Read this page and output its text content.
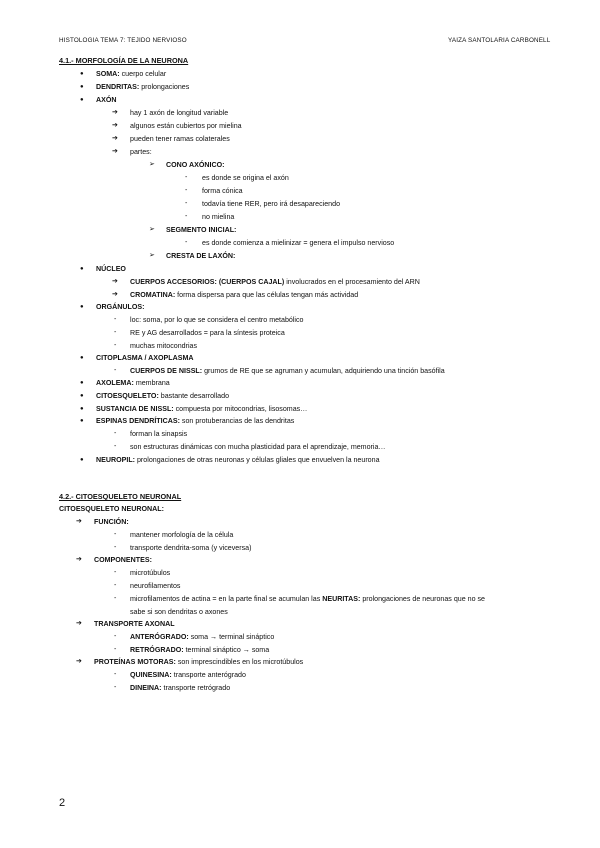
HISTOLOGIA TEMA 7: TEJIDO NERVIOSO	YAIZA SANTOLARIA CARBONELL
4.1.- MORFOLOGÍA DE LA NEURONA
● SOMA: cuerpo celular
● DENDRITAS: prolongaciones
● AXÓN
➔ hay 1 axón de longitud variable
➔ algunos están cubiertos por mielina
➔ pueden tener ramas colaterales
➔ partes:
➢ CONO AXÓNICO:
- es donde se origina el axón
- forma cónica
- todavía tiene RER, pero irá desapareciendo
- no mielina
➢ SEGMENTO INICIAL:
- es donde comienza a mielinizar = genera el impulso nervioso
➢ CRESTA DE LAXÓN:
● NÚCLEO
➔ CUERPOS ACCESORIOS: (CUERPOS CAJAL) involucrados en el procesamiento del ARN
➔ CROMATINA: forma dispersa para que las células tengan más actividad
● ORGÁNULOS:
- loc: soma, por lo que se considera el centro metabólico
- RE y AG desarrollados = para la síntesis proteica
- muchas mitocondrias
● CITOPLASMA / AXOPLASMA
- CUERPOS DE NISSL: grumos de RE que se agruman y acumulan, adquiriendo una tinción basófila
● AXOLEMA: membrana
● CITOESQUELETO: bastante desarrollado
● SUSTANCIA DE NISSL: compuesta por mitocondrias, lisosomas…
● ESPINAS DENDRÍTICAS: son protuberancias de las dendritas
- forman la sinapsis
- son estructuras dinámicas con mucha plasticidad para el aprendizaje, memoria…
● NEUROPIL: prolongaciones de otras neuronas y células gliales que envuelven la neurona
4.2.- CITOESQUELETO NEURONAL
CITOESQUELETO NEURONAL:
➔ FUNCIÓN:
- mantener morfología de la célula
- transporte dendrita-soma (y viceversa)
➔ COMPONENTES:
- microtúbulos
- neurofilamentos
- microfilamentos de actina = en la parte final se acumulan las NEURITAS: prolongaciones de neuronas que no se
sabe si son dendritas o axones
➔ TRANSPORTE AXONAL
- ANTERÓGRADO: soma → terminal sináptico
- RETRÓGRADO: terminal sináptico → soma
➔ PROTEÍNAS MOTORAS: son imprescindibles en los microtúbulos
- QUINESINA: transporte anterógrado
- DINEINA: transporte retrógrado
2
